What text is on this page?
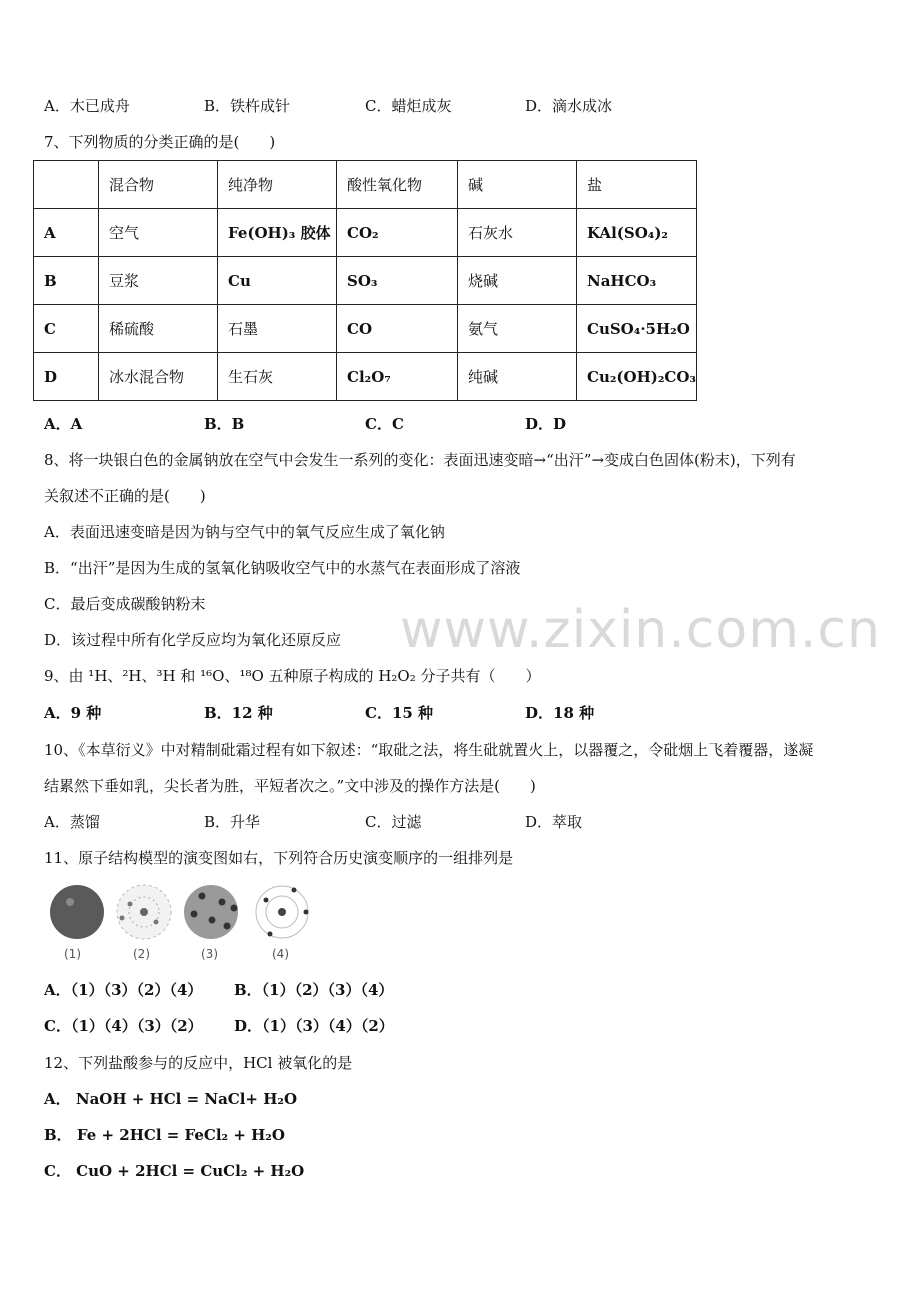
A．木已成舟	B．铁杵成针	C．蜡炬成灰	D．滴水成冰
7、下列物质的分类正确的是(　　)
	混合物	纯净物	酸性氧化物	碱	盐
A	空气	Fe(OH)₃ 胶体	CO₂	石灰水	KAl(SO₄)₂
B	豆浆	Cu	SO₃	烧碱	NaHCO₃
C	稀硫酸	石墨	CO	氨气	CuSO₄·5H₂O
D	冰水混合物	生石灰	Cl₂O₇	纯碱	Cu₂(OH)₂CO₃
A．A	B．B	C．C	D．D
8、将一块银白色的金属钠放在空气中会发生一系列的变化：表面迅速变暗→“出汗”→变成白色固体(粉末)，下列有
关叙述不正确的是(　　)
A．表面迅速变暗是因为钠与空气中的氧气反应生成了氧化钠
B．“出汗”是因为生成的氢氧化钠吸收空气中的水蒸气在表面形成了溶液
C．最后变成碳酸钠粉末
D．该过程中所有化学反应均为氧化还原反应 www.zixin.com.cn
9、由 ¹H、²H、³H 和 ¹⁶O、¹⁸O 五种原子构成的 H₂O₂ 分子共有（　　）
A．9 种	B．12 种	C．15 种	D．18 种
10、《本草衍义》中对精制砒霜过程有如下叙述：“取砒之法，将生砒就置火上，以器覆之，令砒烟上飞着覆器，遂凝
结累然下垂如乳，尖长者为胜，平短者次之。”文中涉及的操作方法是(　　)
A．蒸馏	B．升华	C．过滤	D．萃取
11、原子结构模型的演变图如右，下列符合历史演变顺序的一组排列是
(1)	(2)	(3)	(4)
A．（1）（3）（2）（4） B．（1）（2）（3）（4）
C．（1）（4）（3）（2） D．（1）（3）（4）（2）
12、下列盐酸参与的反应中，HCl 被氧化的是
A． NaOH + HCl = NaCl+ H₂O
B． Fe + 2HCl = FeCl₂ + H₂O
C． CuO + 2HCl = CuCl₂ + H₂O
